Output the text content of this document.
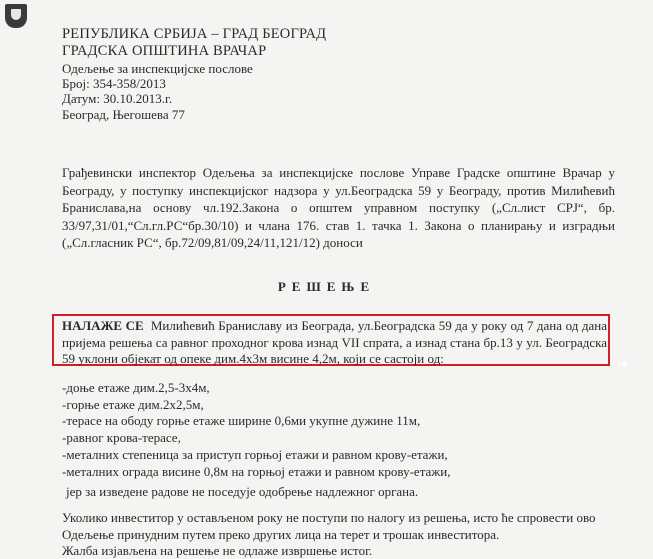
РЕПУБЛИКА СРБИЈА – ГРАД БЕОГРАД
ГРАДСКА ОПШТИНА ВРАЧАР
Одељење за инспекцијске послове
Број: 354-358/2013
Датум: 30.10.2013.г.
Београд, Његошева 77
Грађевински инспектор Одељења за инспекцијске послове Управе Градске општине Врачар у Београду, у поступку инспекцијског надзора у ул.Београдска 59 у Београду, против Милићевић Бранислава,на основу чл.192.Закона о општем управном поступку („Сл.лист СРЈ“, бр. 33/97,31/01,“Сл.гл.РС“бр.30/10) и члана 176. став 1. тачка 1. Закона о планирању и изградњи („Сл.гласник РС“, бр.72/09,81/09,24/11,121/12) доноси
РЕШЕЊЕ
НАЛАЖЕ СЕ Милићевић Браниславу из Београда, ул.Београдска 59 да у року од 7 дана од дана пријема решења са равног проходног крова изнад VII спрата, а изнад стана бр.13 у ул. Београдска 59 уклони објекат од опеке дим.4х3м висине 4,2м, који се састоји од:	❧
-доње етаже дим.2,5-3х4м,
-горње етаже дим.2х2,5м,
-терасе на ободу горње етаже ширине 0,6ми укупне дужине 11м,
-равног крова-терасе,
-металних степеница за приступ горњој етажи и равном крову-етажи,
-металних ограда висине 0,8м на горњој етажи и равном крову-етажи,
јер за изведене радове не поседује одобрење надлежног органа.
Уколико инвеститор у остављеном року не поступи по налогу из решења, исто ће спровести ово
Одељење принудним путем преко других лица на терет и трошак инвеститора.
Жалба изјављена на решење не одлаже извршење истог.
